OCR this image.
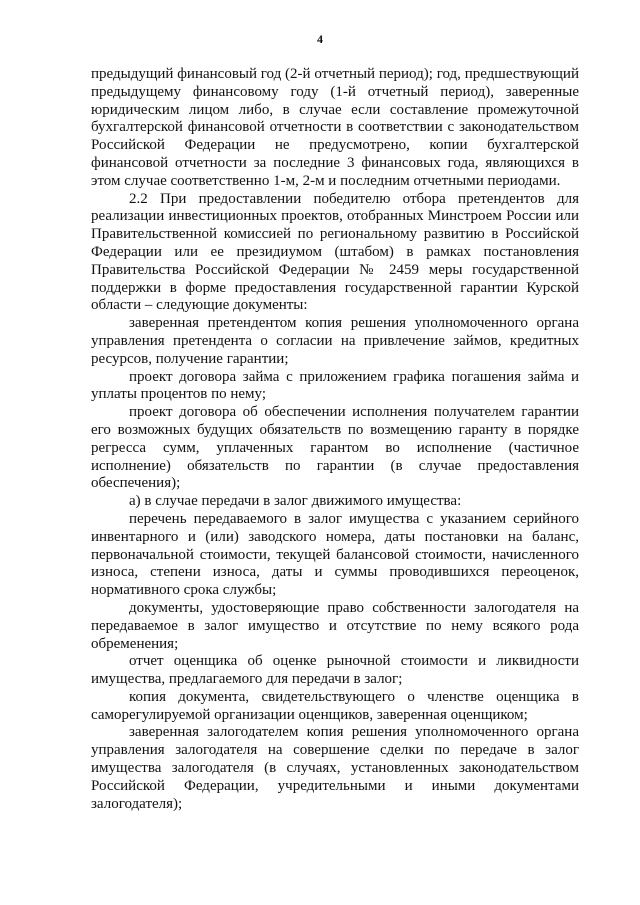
4

предыдущий финансовый год (2-й отчетный период); год, предшествующий предыдущему финансовому году (1-й отчетный период), заверенные юридическим лицом либо, в случае если составление промежуточной бухгалтерской финансовой отчетности в соответствии с законодательством Российской Федерации не предусмотрено, копии бухгалтерской финансовой отчетности за последние 3 финансовых года, являющихся в этом случае соответственно 1-м, 2-м и последним отчетными периодами.

2.2 При предоставлении победителю отбора претендентов для реализации инвестиционных проектов, отобранных Минстроем России или Правительственной комиссией по региональному развитию в Российской Федерации или ее президиумом (штабом) в рамках постановления Правительства Российской Федерации № 2459 меры государственной поддержки в форме предоставления государственной гарантии Курской области – следующие документы:

заверенная претендентом копия решения уполномоченного органа управления претендента о согласии на привлечение займов, кредитных ресурсов, получение гарантии;

проект договора займа с приложением графика погашения займа и уплаты процентов по нему;

проект договора об обеспечении исполнения получателем гарантии его возможных будущих обязательств по возмещению гаранту в порядке регресса сумм, уплаченных гарантом во исполнение (частичное исполнение) обязательств по гарантии (в случае предоставления обеспечения);

а) в случае передачи в залог движимого имущества:

перечень передаваемого в залог имущества с указанием серийного инвентарного и (или) заводского номера, даты постановки на баланс, первоначальной стоимости, текущей балансовой стоимости, начисленного износа, степени износа, даты и суммы проводившихся переоценок, нормативного срока службы;

документы, удостоверяющие право собственности залогодателя на передаваемое в залог имущество и отсутствие по нему всякого рода обременения;

отчет оценщика об оценке рыночной стоимости и ликвидности имущества, предлагаемого для передачи в залог;

копия документа, свидетельствующего о членстве оценщика в саморегулируемой организации оценщиков, заверенная оценщиком;

заверенная залогодателем копия решения уполномоченного органа управления залогодателя на совершение сделки по передаче в залог имущества залогодателя (в случаях, установленных законодательством Российской Федерации, учредительными и иными документами залогодателя);
